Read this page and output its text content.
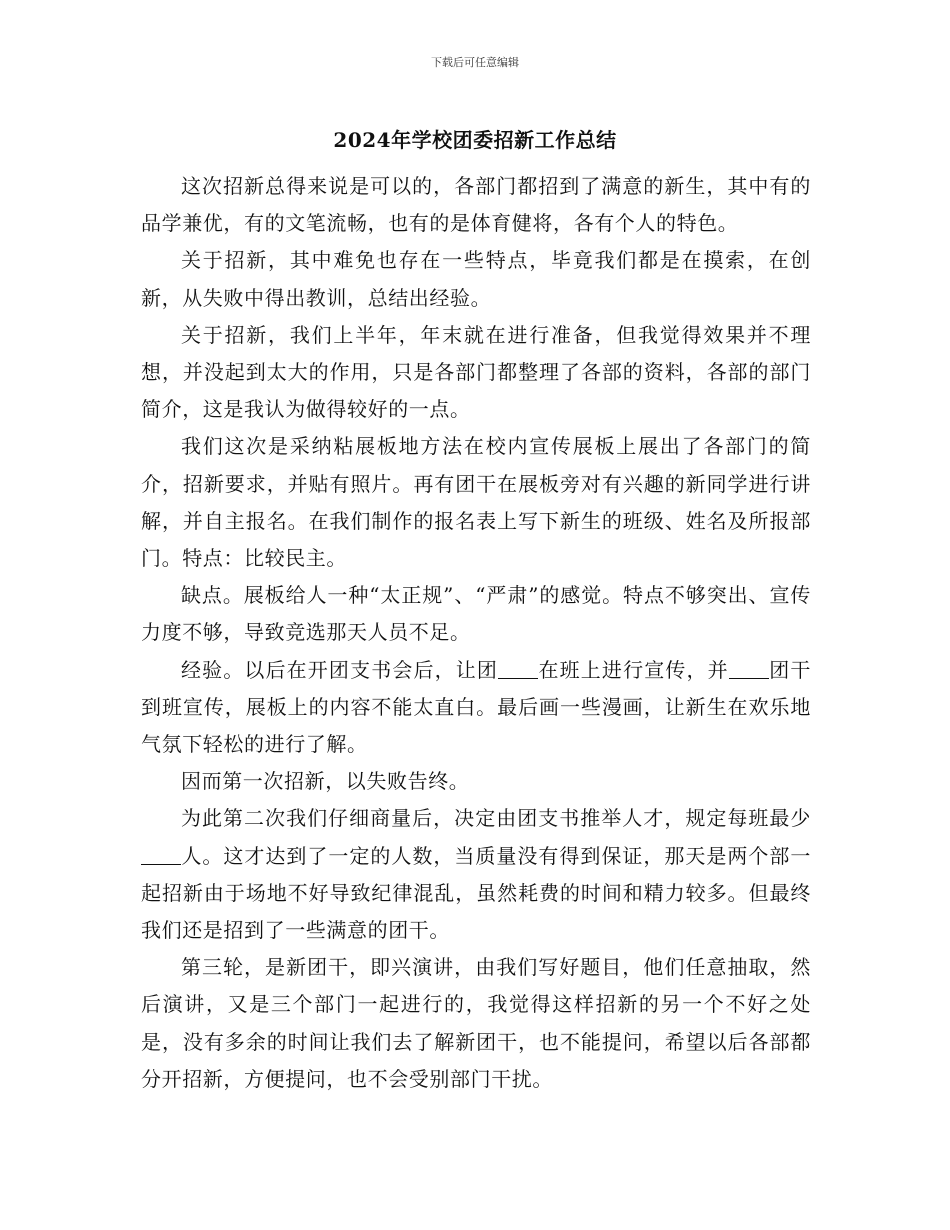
下载后可任意编辑
2024年学校团委招新工作总结

这次招新总得来说是可以的，各部门都招到了满意的新生，其中有的品学兼优，有的文笔流畅，也有的是体育健将，各有个人的特色。

关于招新，其中难免也存在一些特点，毕竟我们都是在摸索，在创新，从失败中得出教训，总结出经验。

关于招新，我们上半年，年末就在进行准备，但我觉得效果并不理想，并没起到太大的作用，只是各部门都整理了各部的资料，各部的部门简介，这是我认为做得较好的一点。

我们这次是采纳粘展板地方法在校内宣传展板上展出了各部门的简介，招新要求，并贴有照片。再有团干在展板旁对有兴趣的新同学进行讲解，并自主报名。在我们制作的报名表上写下新生的班级、姓名及所报部门。特点：比较民主。

缺点。展板给人一种“太正规”、“严肃”的感觉。特点不够突出、宣传力度不够，导致竞选那天人员不足。

经验。以后在开团支书会后，让团 在班上进行宣传，并 团干到班宣传，展板上的内容不能太直白。最后画一些漫画，让新生在欢乐地气氛下轻松的进行了解。

因而第一次招新，以失败告终。

为此第二次我们仔细商量后，决定由团支书推举人才，规定每班最少人。这才达到了一定的人数，当质量没有得到保证，那天是两个部一起招新由于场地不好导致纪律混乱，虽然耗费的时间和精力较多。但最终我们还是招到了一些满意的团干。

第三轮，是新团干，即兴演讲，由我们写好题目，他们任意抽取，然后演讲，又是三个部门一起进行的，我觉得这样招新的另一个不好之处是，没有多余的时间让我们去了解新团干，也不能提问，希望以后各部都分开招新，方便提问，也不会受别部门干扰。
